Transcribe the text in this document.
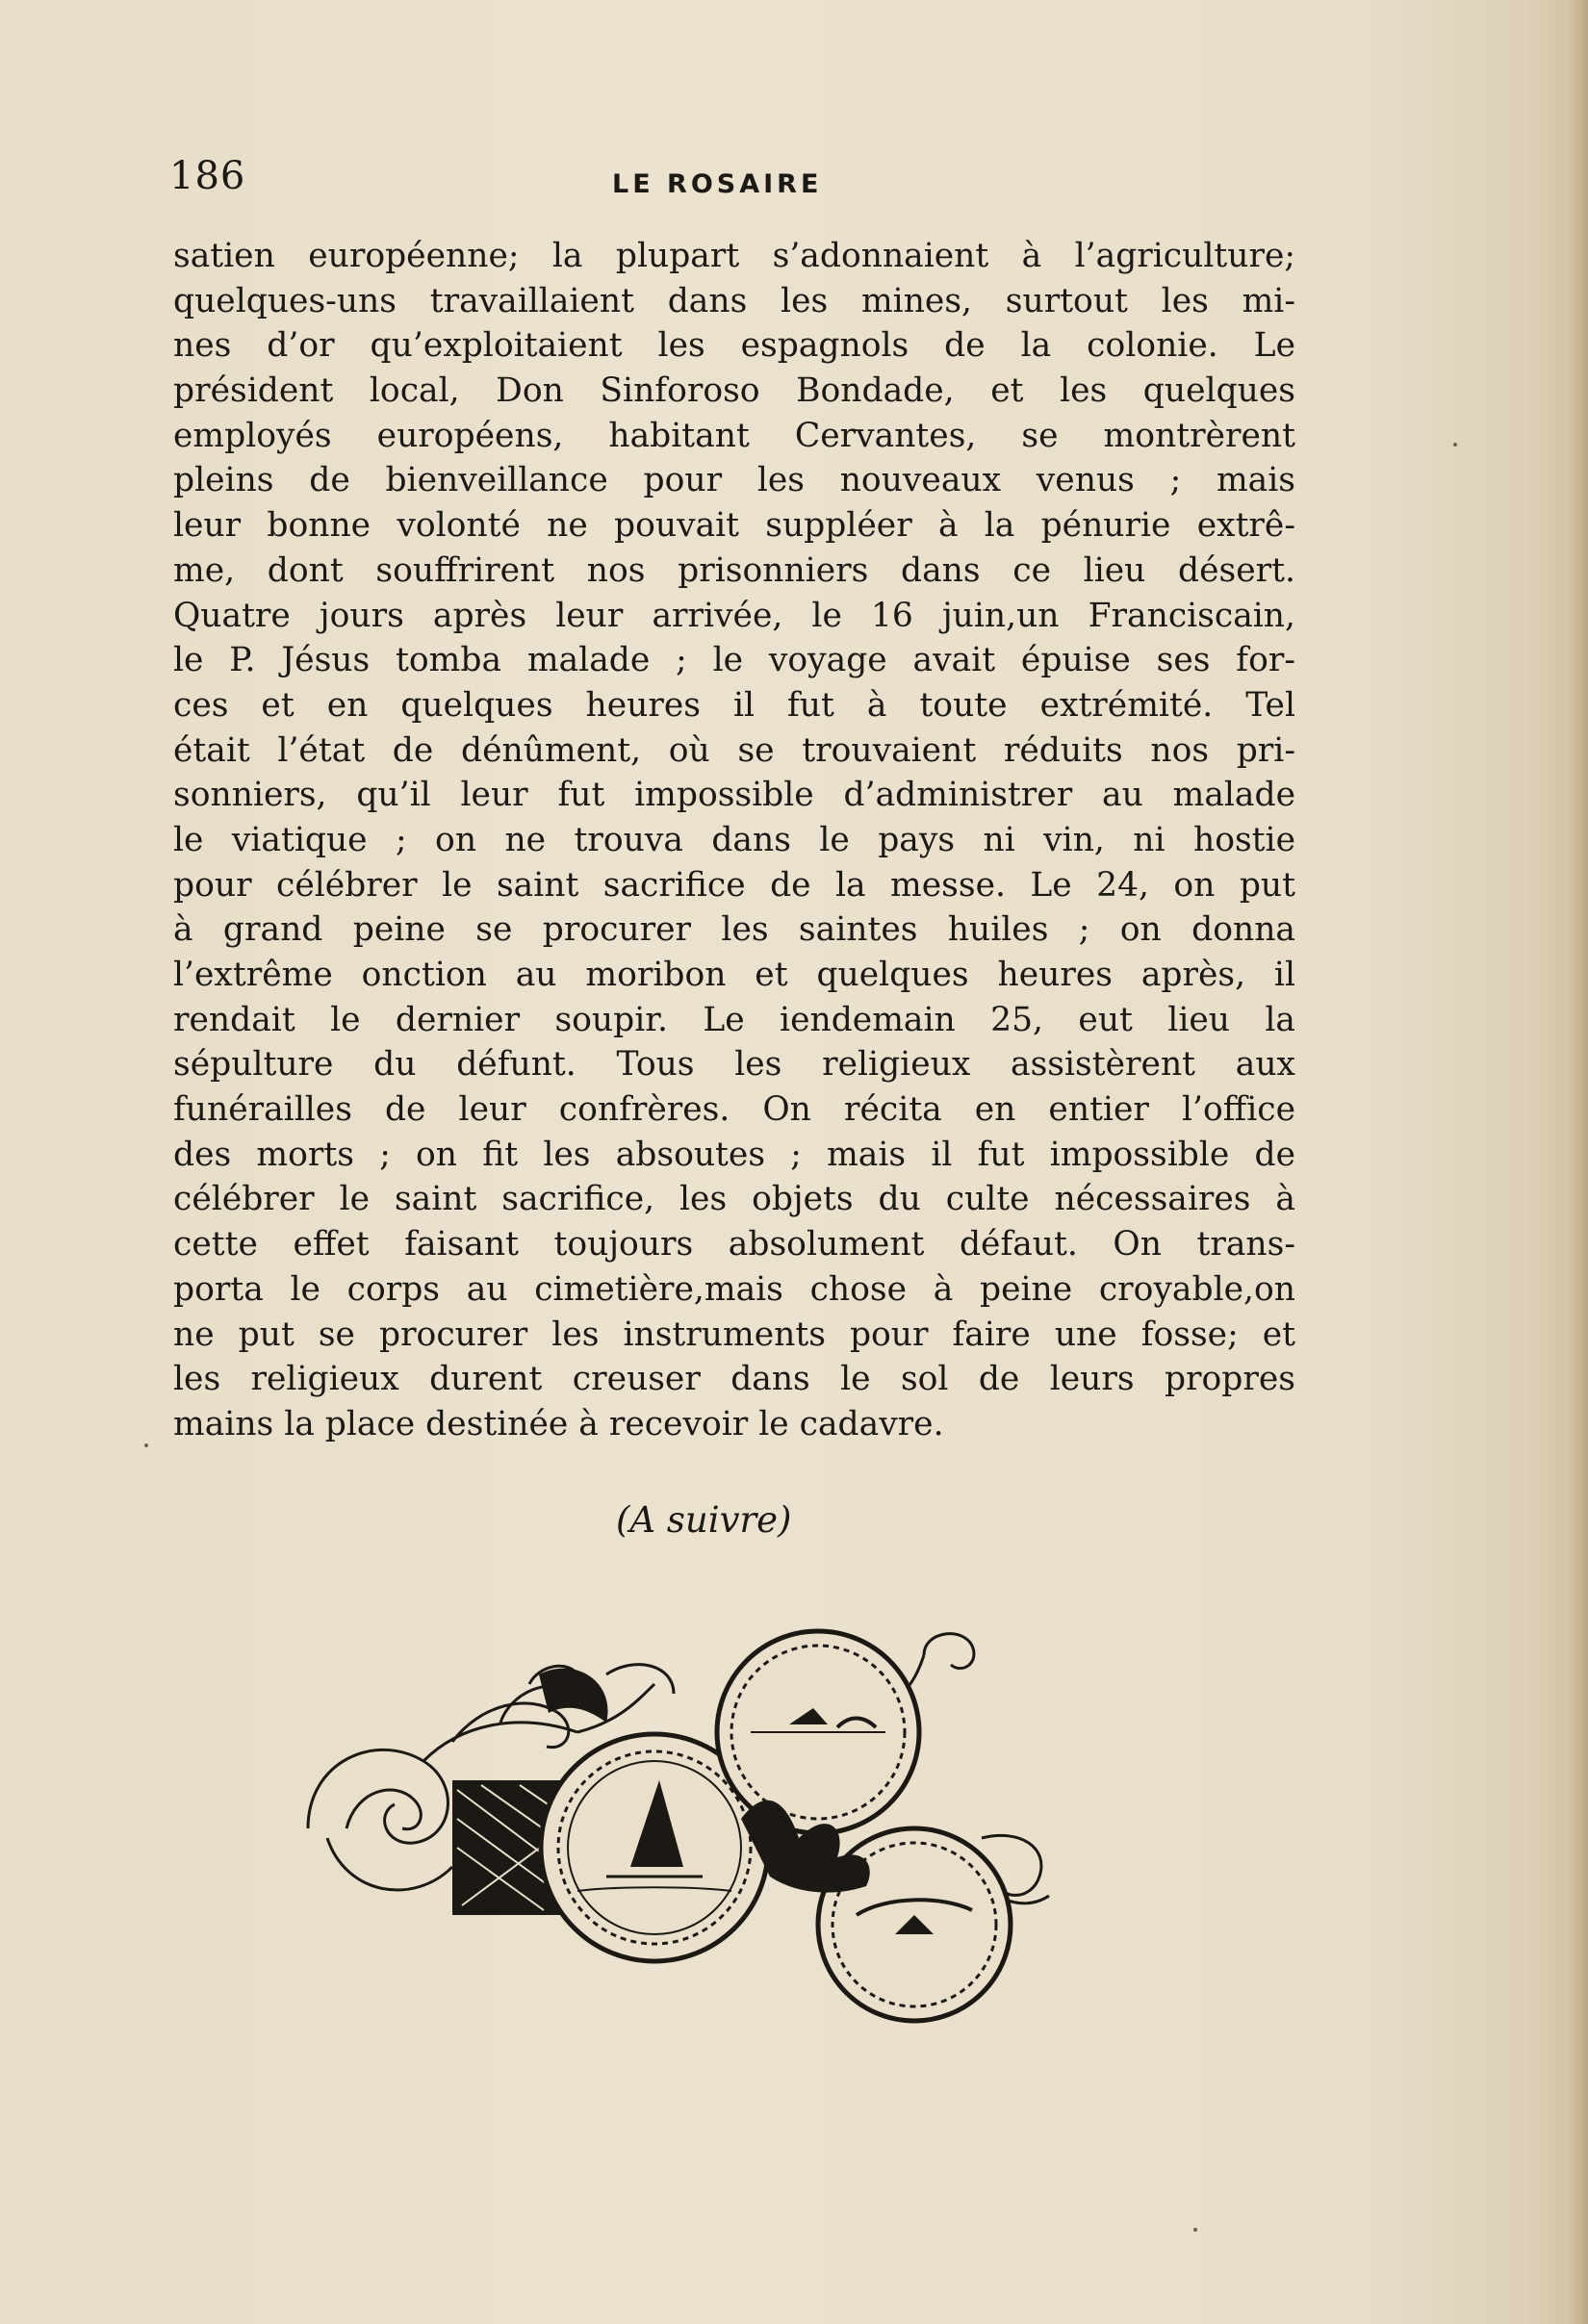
186	LE ROSAIRE
satien européenne; la plupart s’adonnaient à l’agriculture;
quelques-uns travaillaient dans les mines, surtout les mi-
nes d’or qu’exploitaient les espagnols de la colonie. Le
président local, Don Sinforoso Bondade, et les quelques
employés européens, habitant Cervantes, se montrèrent
pleins de bienveillance pour les nouveaux venus ; mais
leur bonne volonté ne pouvait suppléer à la pénurie extrê-
me, dont souffrirent nos prisonniers dans ce lieu désert.
Quatre jours après leur arrivée, le 16 juin,un Franciscain,
le P. Jésus tomba malade ; le voyage avait épuise ses for-
ces et en quelques heures il fut à toute extrémité. Tel
était l’état de dénûment, où se trouvaient réduits nos pri-
sonniers, qu’il leur fut impossible d’administrer au malade
le viatique ; on ne trouva dans le pays ni vin, ni hostie
pour célébrer le saint sacrifice de la messe. Le 24, on put
à grand peine se procurer les saintes huiles ; on donna
l’extrême onction au moribon et quelques heures après, il
rendait le dernier soupir. Le iendemain 25, eut lieu la
sépulture du défunt. Tous les religieux assistèrent aux
funérailles de leur confrères. On récita en entier l’office
des morts ; on fit les absoutes ; mais il fut impossible de
célébrer le saint sacrifice, les objets du culte nécessaires à
cette effet faisant toujours absolument défaut. On trans-
porta le corps au cimetière,mais chose à peine croyable,on
ne put se procurer les instruments pour faire une fosse; et
les religieux durent creuser dans le sol de leurs propres
mains la place destinée à recevoir le cadavre.
(A suivre)
